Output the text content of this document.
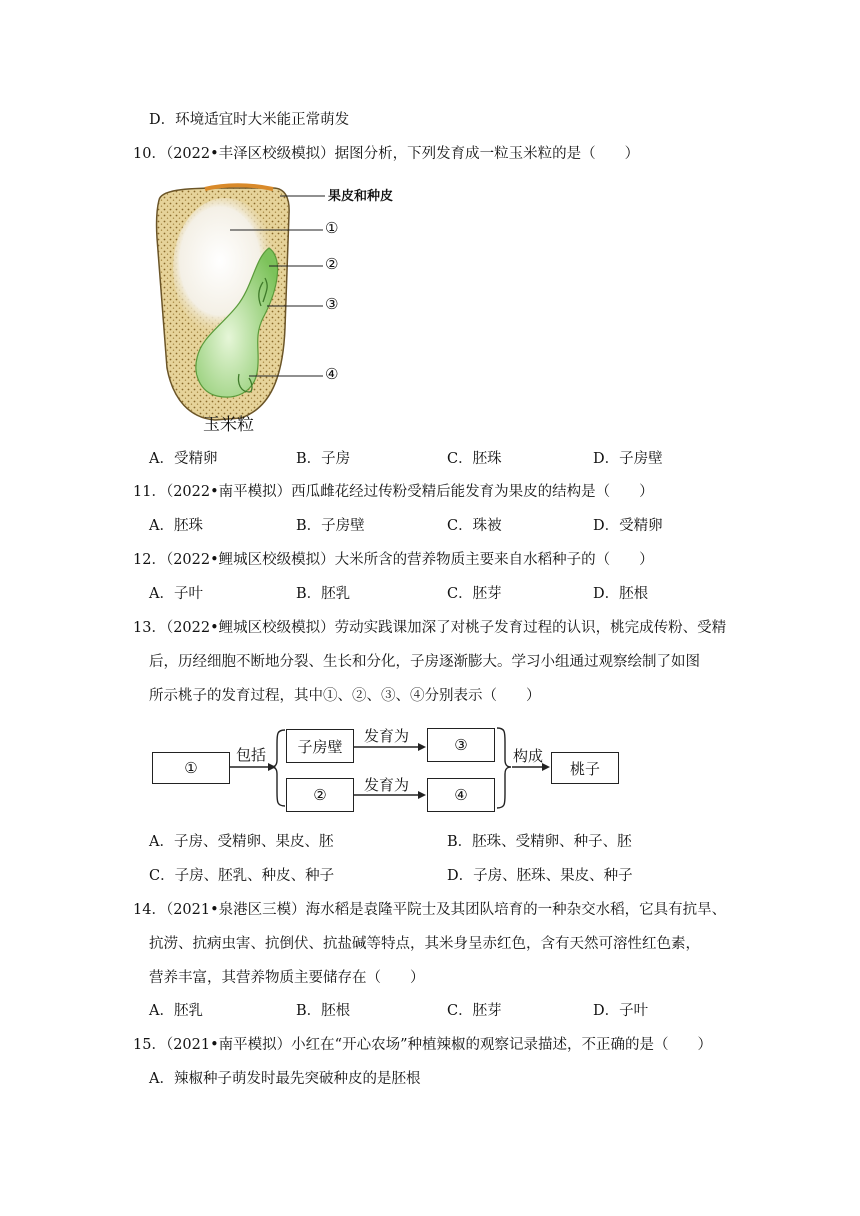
D．环境适宜时大米能正常萌发
10．（2022•丰泽区校级模拟）据图分析，下列发育成一粒玉米粒的是（　　）
果皮和种皮
①
②
③
④
玉米粒
A．受精卵	B．子房	C．胚珠	D．子房壁
11．（2022•南平模拟）西瓜雌花经过传粉受精后能发育为果皮的结构是（　　）
A．胚珠	B．子房壁	C．珠被	D．受精卵
12．（2022•鲤城区校级模拟）大米所含的营养物质主要来自水稻种子的（　　）
A．子叶	B．胚乳	C．胚芽	D．胚根
13．（2022•鲤城区校级模拟）劳动实践课加深了对桃子发育过程的认识，桃完成传粉、受精
后，历经细胞不断地分裂、生长和分化，子房逐渐膨大。学习小组通过观察绘制了如图
所示桃子的发育过程，其中①、②、③、④分别表示（　　）
①
包括	子房壁
发育为	③
②
发育为
④
构成
桃子
A．子房、受精卵、果皮、胚	B．胚珠、受精卵、种子、胚
C．子房、胚乳、种皮、种子	D．子房、胚珠、果皮、种子
14．（2021•泉港区三模）海水稻是袁隆平院士及其团队培育的一种杂交水稻，它具有抗旱、
抗涝、抗病虫害、抗倒伏、抗盐碱等特点，其米身呈赤红色，含有天然可溶性红色素，
营养丰富，其营养物质主要储存在（　　）
A．胚乳	B．胚根	C．胚芽	D．子叶
15．（2021•南平模拟）小红在“开心农场”种植辣椒的观察记录描述，不正确的是（　　）
A．辣椒种子萌发时最先突破种皮的是胚根
